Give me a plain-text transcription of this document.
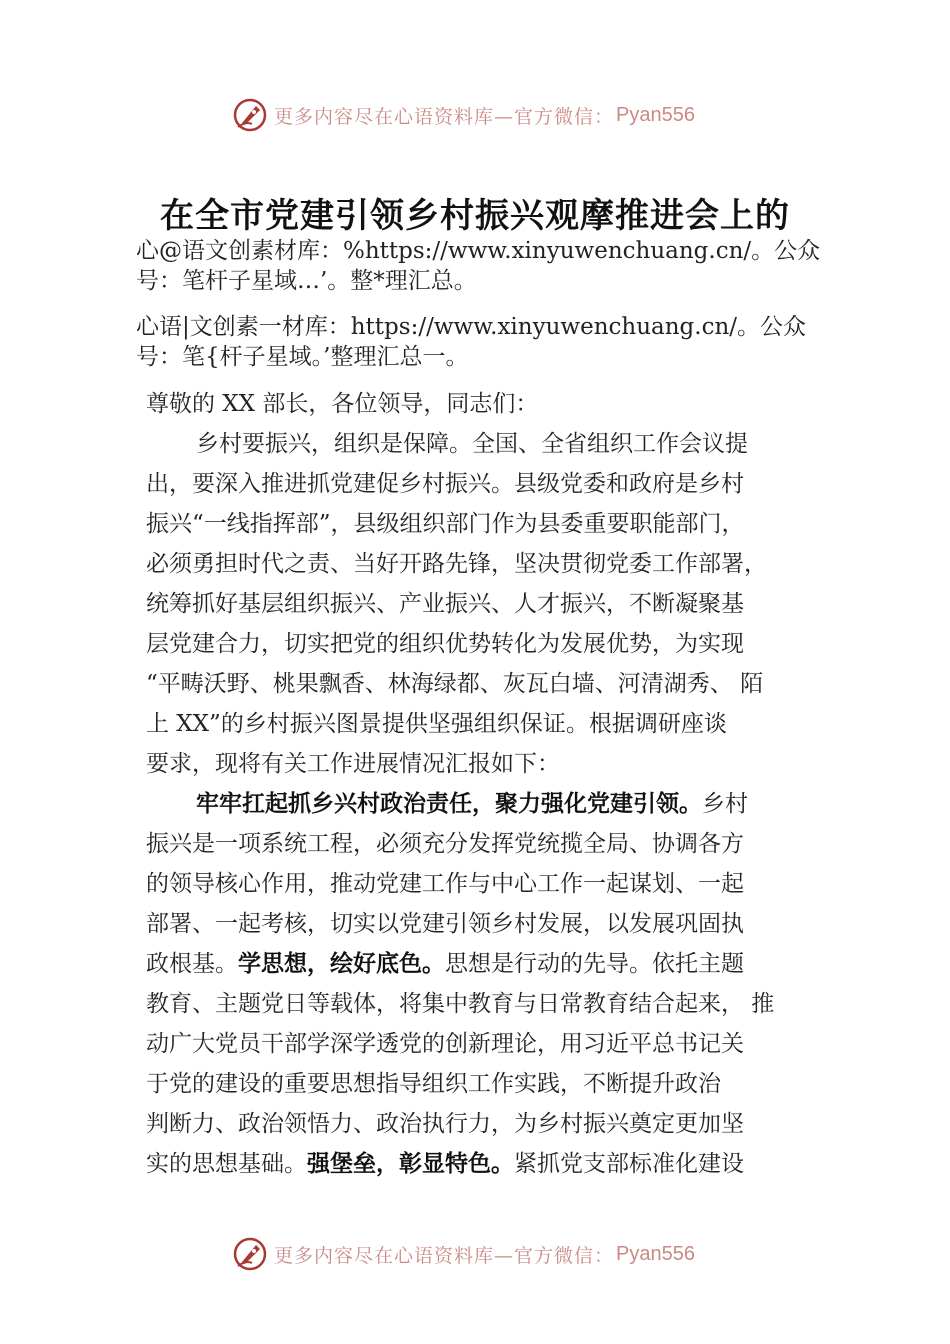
更多内容尽在心语资料库—官方微信： Pyan556
在全市党建引领乡村振兴观摩推进会上的
心@语文创素材库：%https://www.xinyuwenchuang.cn/。公众号：笔杆子星域…’。整*理汇总。
心语|文创素一材库：https://www.xinyuwenchuang.cn/。公众号：笔{杆子星域。’整理汇总一。
尊敬的 XX 部长，各位领导，同志们：
乡村要振兴，组织是保障。全国、全省组织工作会议提
出，要深入推进抓党建促乡村振兴。县级党委和政府是乡村
振兴“一线指挥部”，县级组织部门作为县委重要职能部门，
必须勇担时代之责、当好开路先锋，坚决贯彻党委工作部署，
统筹抓好基层组织振兴、产业振兴、人才振兴，不断凝聚基
层党建合力，切实把党的组织优势转化为发展优势，为实现
“平畴沃野、桃果飘香、林海绿都、灰瓦白墙、河清湖秀、 陌
上 XX”的乡村振兴图景提供坚强组织保证。根据调研座谈
要求，现将有关工作进展情况汇报如下：
牢牢扛起抓乡兴村政治责任，聚力强化党建引领。乡村
振兴是一项系统工程，必须充分发挥党统揽全局、协调各方
的领导核心作用，推动党建工作与中心工作一起谋划、一起
部署、一起考核，切实以党建引领乡村发展，以发展巩固执
政根基。学思想，绘好底色。思想是行动的先导。依托主题
教育、主题党日等载体，将集中教育与日常教育结合起来， 推
动广大党员干部学深学透党的创新理论，用习近平总书记关
于党的建设的重要思想指导组织工作实践，不断提升政治
判断力、政治领悟力、政治执行力，为乡村振兴奠定更加坚
实的思想基础。强堡垒，彰显特色。紧抓党支部标准化建设
更多内容尽在心语资料库—官方微信： Pyan556
